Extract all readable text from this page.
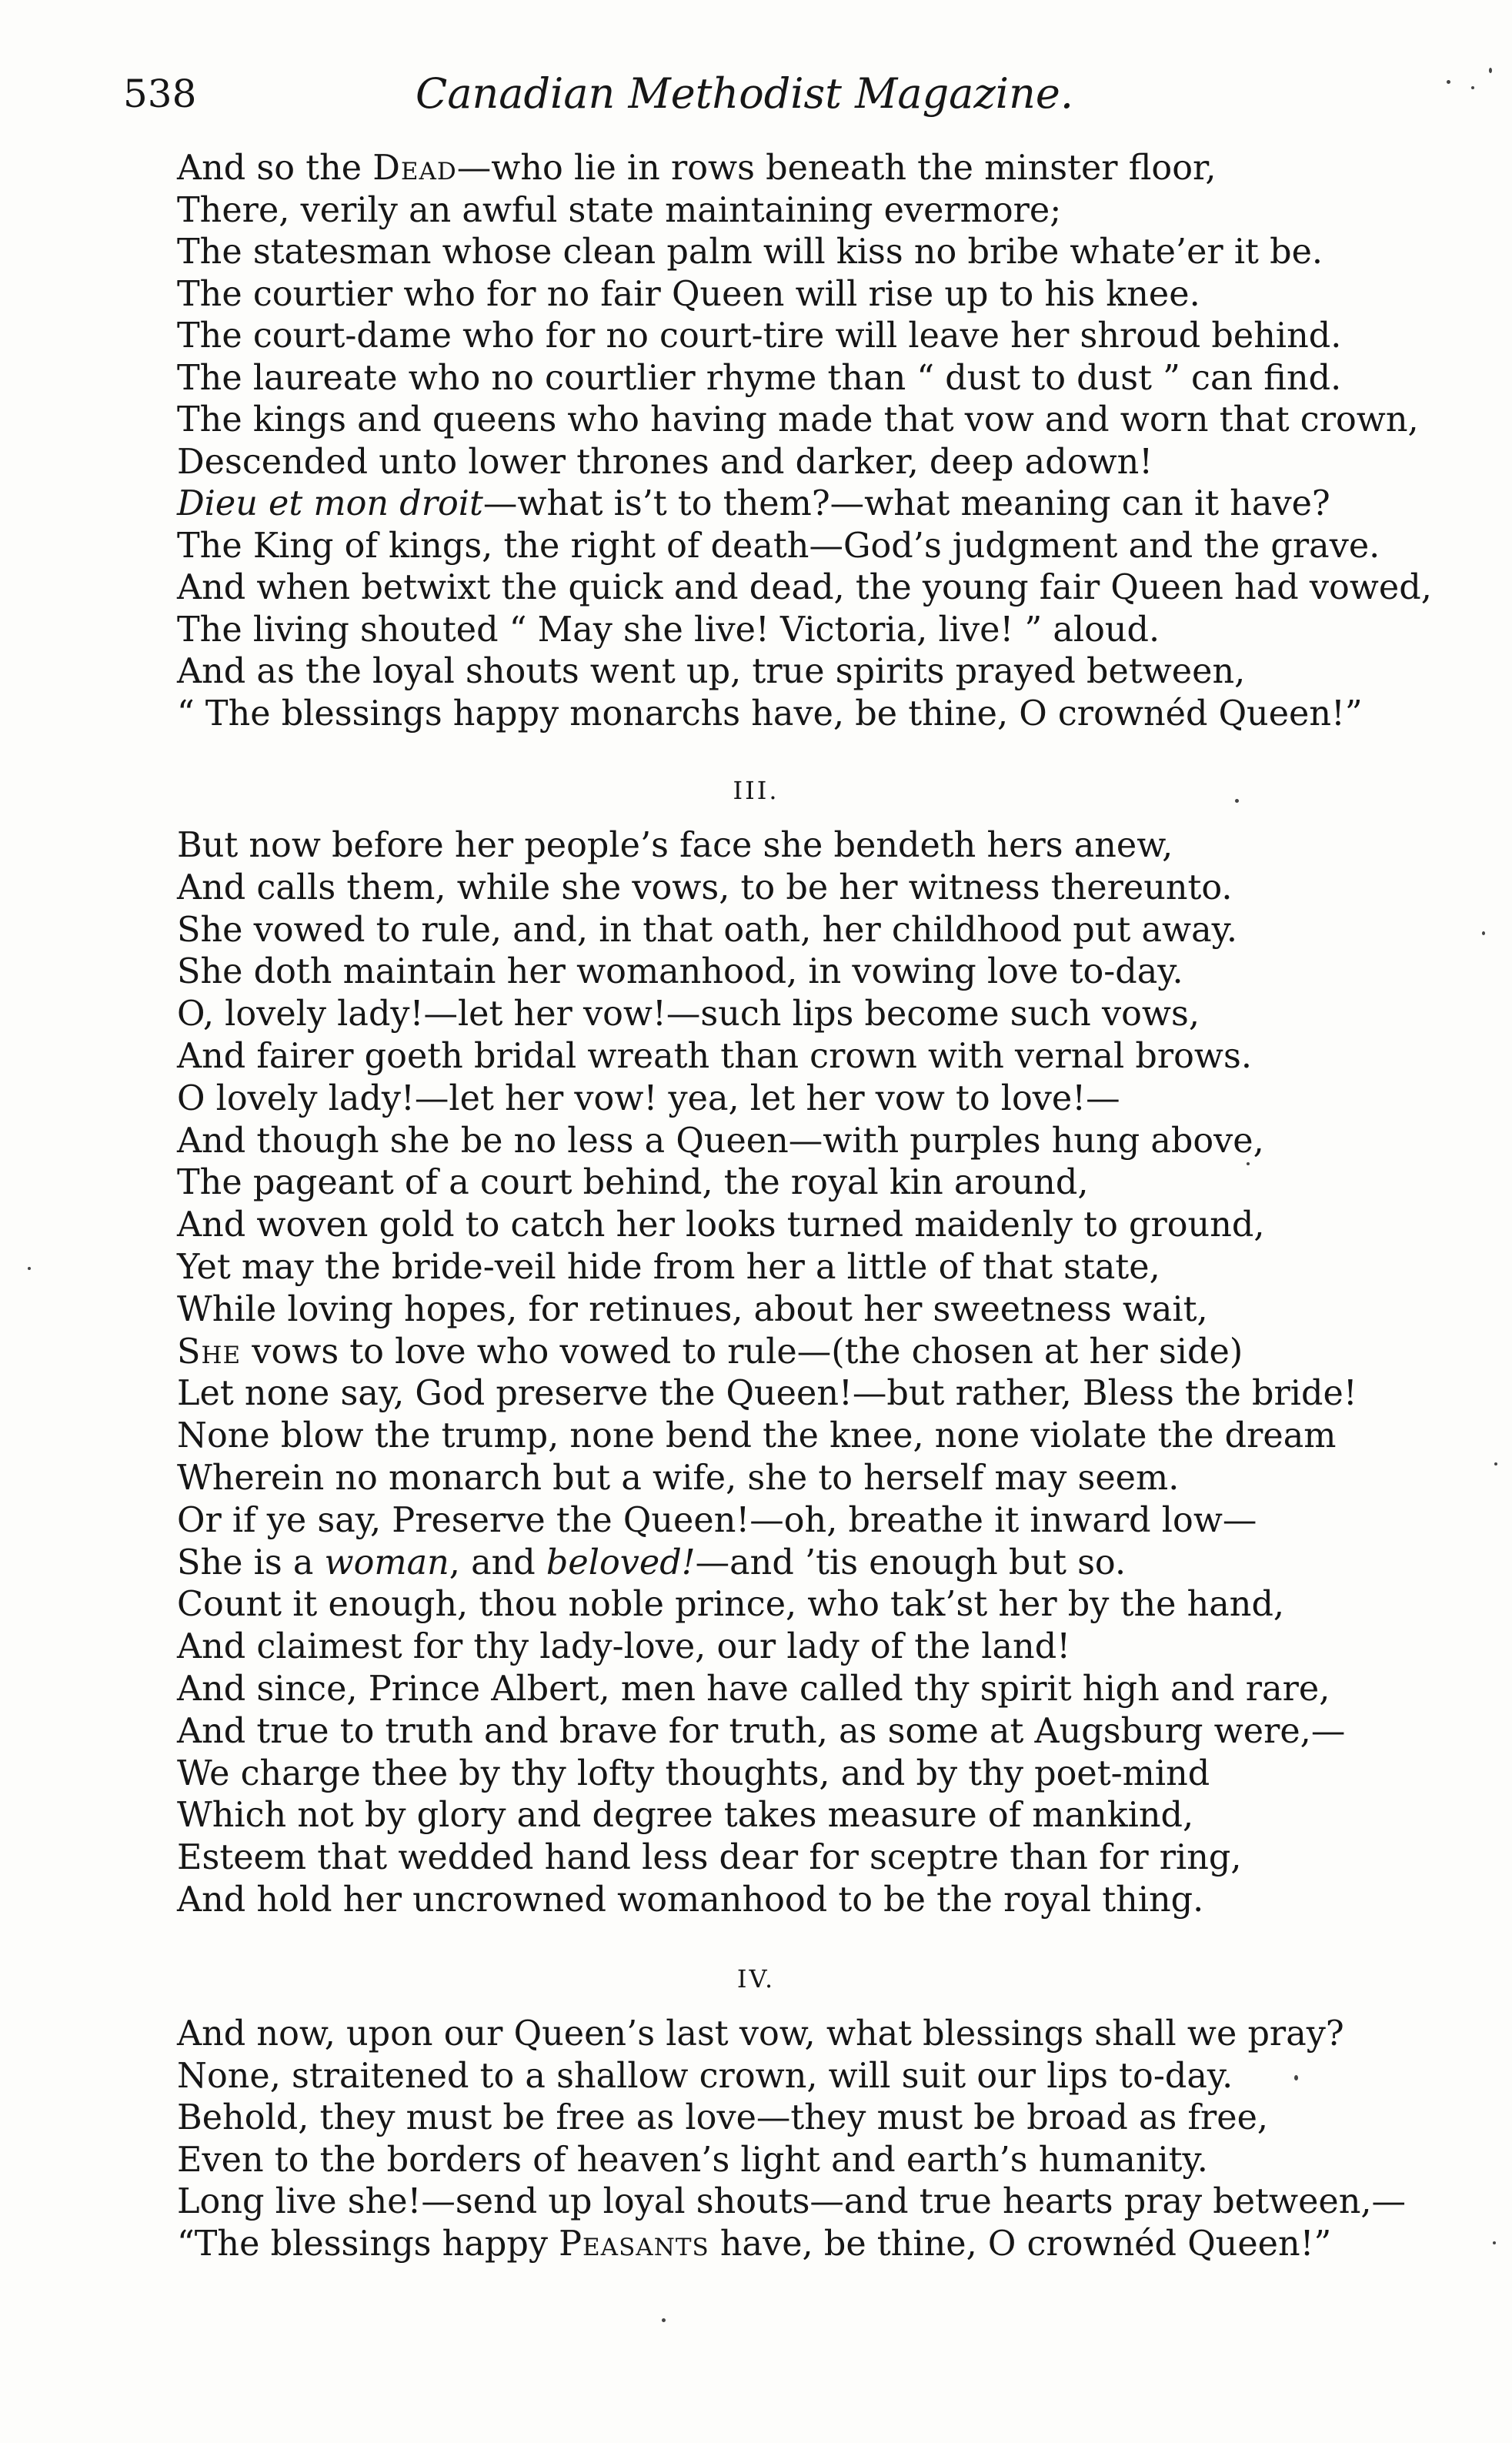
538	Canadian Methodist Magazine.
And so the Dead—who lie in rows beneath the minster floor,
There, verily an awful state maintaining evermore;
The statesman whose clean palm will kiss no bribe whate’er it be.
The courtier who for no fair Queen will rise up to his knee.
The court-dame who for no court-tire will leave her shroud behind.
The laureate who no courtlier rhyme than “ dust to dust ” can find.
The kings and queens who having made that vow and worn that crown,
Descended unto lower thrones and darker, deep adown!
Dieu et mon droit—what is’t to them?—what meaning can it have?
The King of kings, the right of death—God’s judgment and the grave.
And when betwixt the quick and dead, the young fair Queen had vowed,
The living shouted “ May she live! Victoria, live! ” aloud.
And as the loyal shouts went up, true spirits prayed between,
“ The blessings happy monarchs have, be thine, O crownéd Queen!”
III.
But now before her people’s face she bendeth hers anew,
And calls them, while she vows, to be her witness thereunto.
She vowed to rule, and, in that oath, her childhood put away.
She doth maintain her womanhood, in vowing love to-day.
O, lovely lady!—let her vow!—such lips become such vows,
And fairer goeth bridal wreath than crown with vernal brows.
O lovely lady!—let her vow! yea, let her vow to love!—
And though she be no less a Queen—with purples hung above,
The pageant of a court behind, the royal kin around,
And woven gold to catch her looks turned maidenly to ground,
Yet may the bride-veil hide from her a little of that state,
While loving hopes, for retinues, about her sweetness wait,
She vows to love who vowed to rule—(the chosen at her side)
Let none say, God preserve the Queen!—but rather, Bless the bride!
None blow the trump, none bend the knee, none violate the dream
Wherein no monarch but a wife, she to herself may seem.
Or if ye say, Preserve the Queen!—oh, breathe it inward low—
She is a woman, and beloved!—and ’tis enough but so.
Count it enough, thou noble prince, who tak’st her by the hand,
And claimest for thy lady-love, our lady of the land!
And since, Prince Albert, men have called thy spirit high and rare,
And true to truth and brave for truth, as some at Augsburg were,—
We charge thee by thy lofty thoughts, and by thy poet-mind
Which not by glory and degree takes measure of mankind,
Esteem that wedded hand less dear for sceptre than for ring,
And hold her uncrowned womanhood to be the royal thing.
IV.
And now, upon our Queen’s last vow, what blessings shall we pray?
None, straitened to a shallow crown, will suit our lips to-day.
Behold, they must be free as love—they must be broad as free,
Even to the borders of heaven’s light and earth’s humanity.
Long live she!—send up loyal shouts—and true hearts pray between,—
“The blessings happy Peasants have, be thine, O crownéd Queen!”
